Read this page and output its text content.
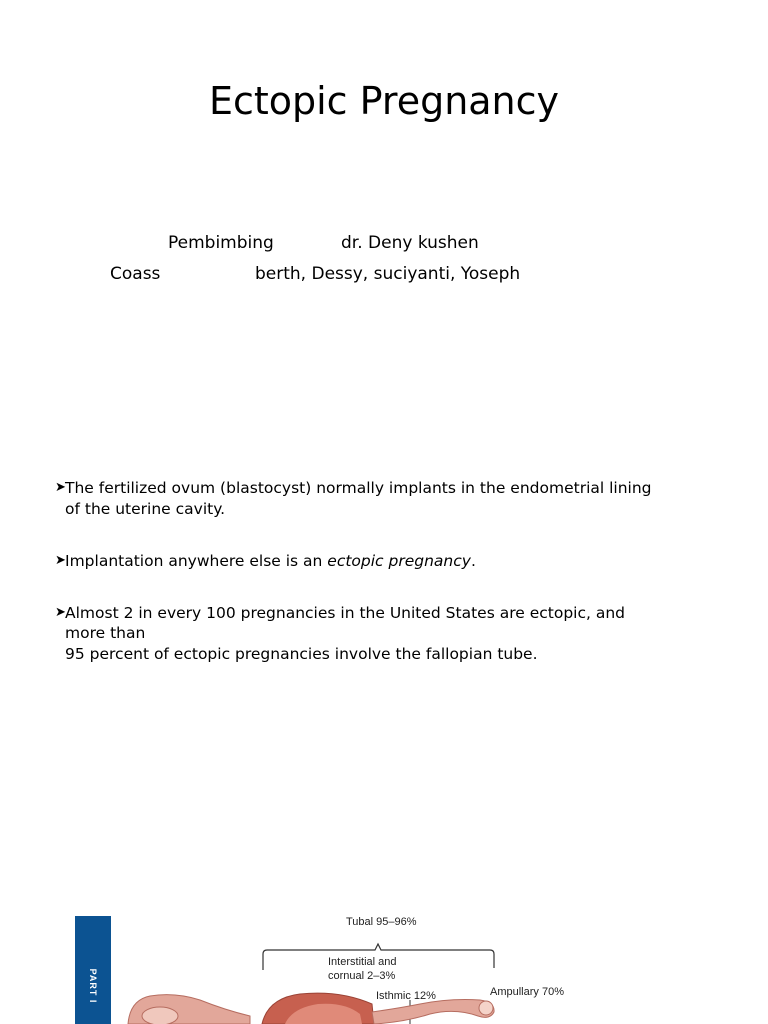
Ectopic Pregnancy
Pembimbing	dr. Deny kushen
Coass	berth, Dessy, suciyanti, Yoseph
➤ The fertilized ovum (blastocyst) normally implants in the endometrial lining
of the uterine cavity.
➤ Implantation anywhere else is an ectopic pregnancy.
➤ Almost 2 in every 100 pregnancies in the United States are ectopic, and
more than
95 percent of ectopic pregnancies involve the fallopian tube.
PART I
Tubal 95–96%
Interstitial and
cornual 2–3%
Isthmic 12%	Ampullary 70%
